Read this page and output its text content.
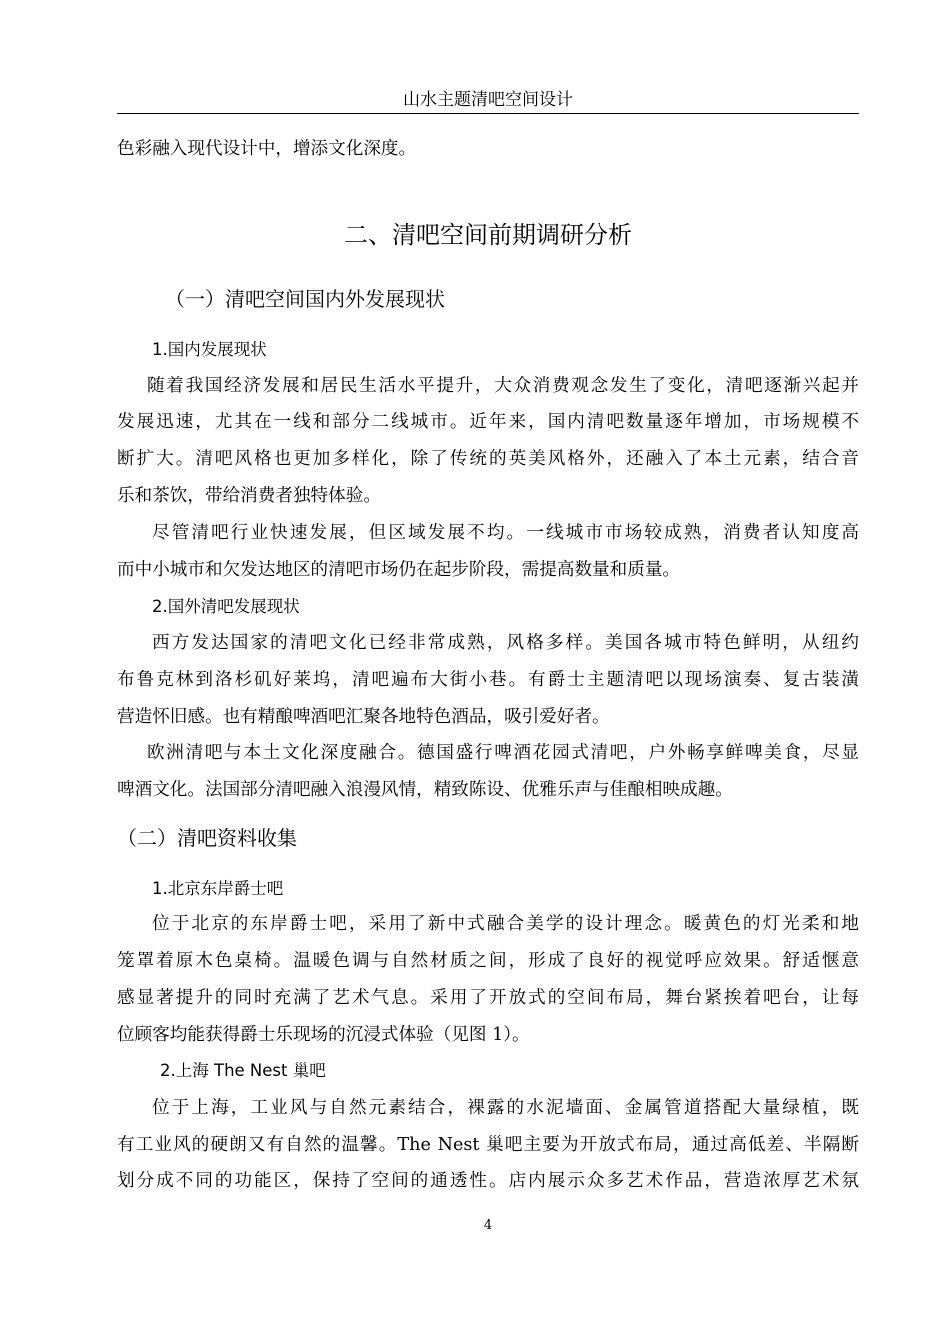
山水主题清吧空间设计
色彩融入现代设计中，增添文化深度。
二、清吧空间前期调研分析
（一）清吧空间国内外发展现状
1.国内发展现状
随着我国经济发展和居民生活水平提升，大众消费观念发生了变化，清吧逐渐兴起并
发展迅速，尤其在一线和部分二线城市。近年来，国内清吧数量逐年增加，市场规模不
断扩大。清吧风格也更加多样化，除了传统的英美风格外，还融入了本土元素，结合音
乐和茶饮，带给消费者独特体验。
尽管清吧行业快速发展，但区域发展不均。一线城市市场较成熟，消费者认知度高
而中小城市和欠发达地区的清吧市场仍在起步阶段，需提高数量和质量。
2.国外清吧发展现状
西方发达国家的清吧文化已经非常成熟，风格多样。美国各城市特色鲜明，从纽约
布鲁克林到洛杉矶好莱坞，清吧遍布大街小巷。有爵士主题清吧以现场演奏、复古装潢
营造怀旧感。也有精酿啤酒吧汇聚各地特色酒品，吸引爱好者。
欧洲清吧与本土文化深度融合。德国盛行啤酒花园式清吧，户外畅享鲜啤美食，尽显
啤酒文化。法国部分清吧融入浪漫风情，精致陈设、优雅乐声与佳酿相映成趣。
（二）清吧资料收集
1.北京东岸爵士吧
位于北京的东岸爵士吧，采用了新中式融合美学的设计理念。暖黄色的灯光柔和地
笼罩着原木色桌椅。温暖色调与自然材质之间，形成了良好的视觉呼应效果。舒适惬意
感显著提升的同时充满了艺术气息。采用了开放式的空间布局，舞台紧挨着吧台，让每
位顾客均能获得爵士乐现场的沉浸式体验（见图 1）。
2.上海 The Nest 巢吧
位于上海，工业风与自然元素结合，裸露的水泥墙面、金属管道搭配大量绿植，既
有工业风的硬朗又有自然的温馨。The Nest 巢吧主要为开放式布局，通过高低差、半隔断
划分成不同的功能区，保持了空间的通透性。店内展示众多艺术作品，营造浓厚艺术氛
4
